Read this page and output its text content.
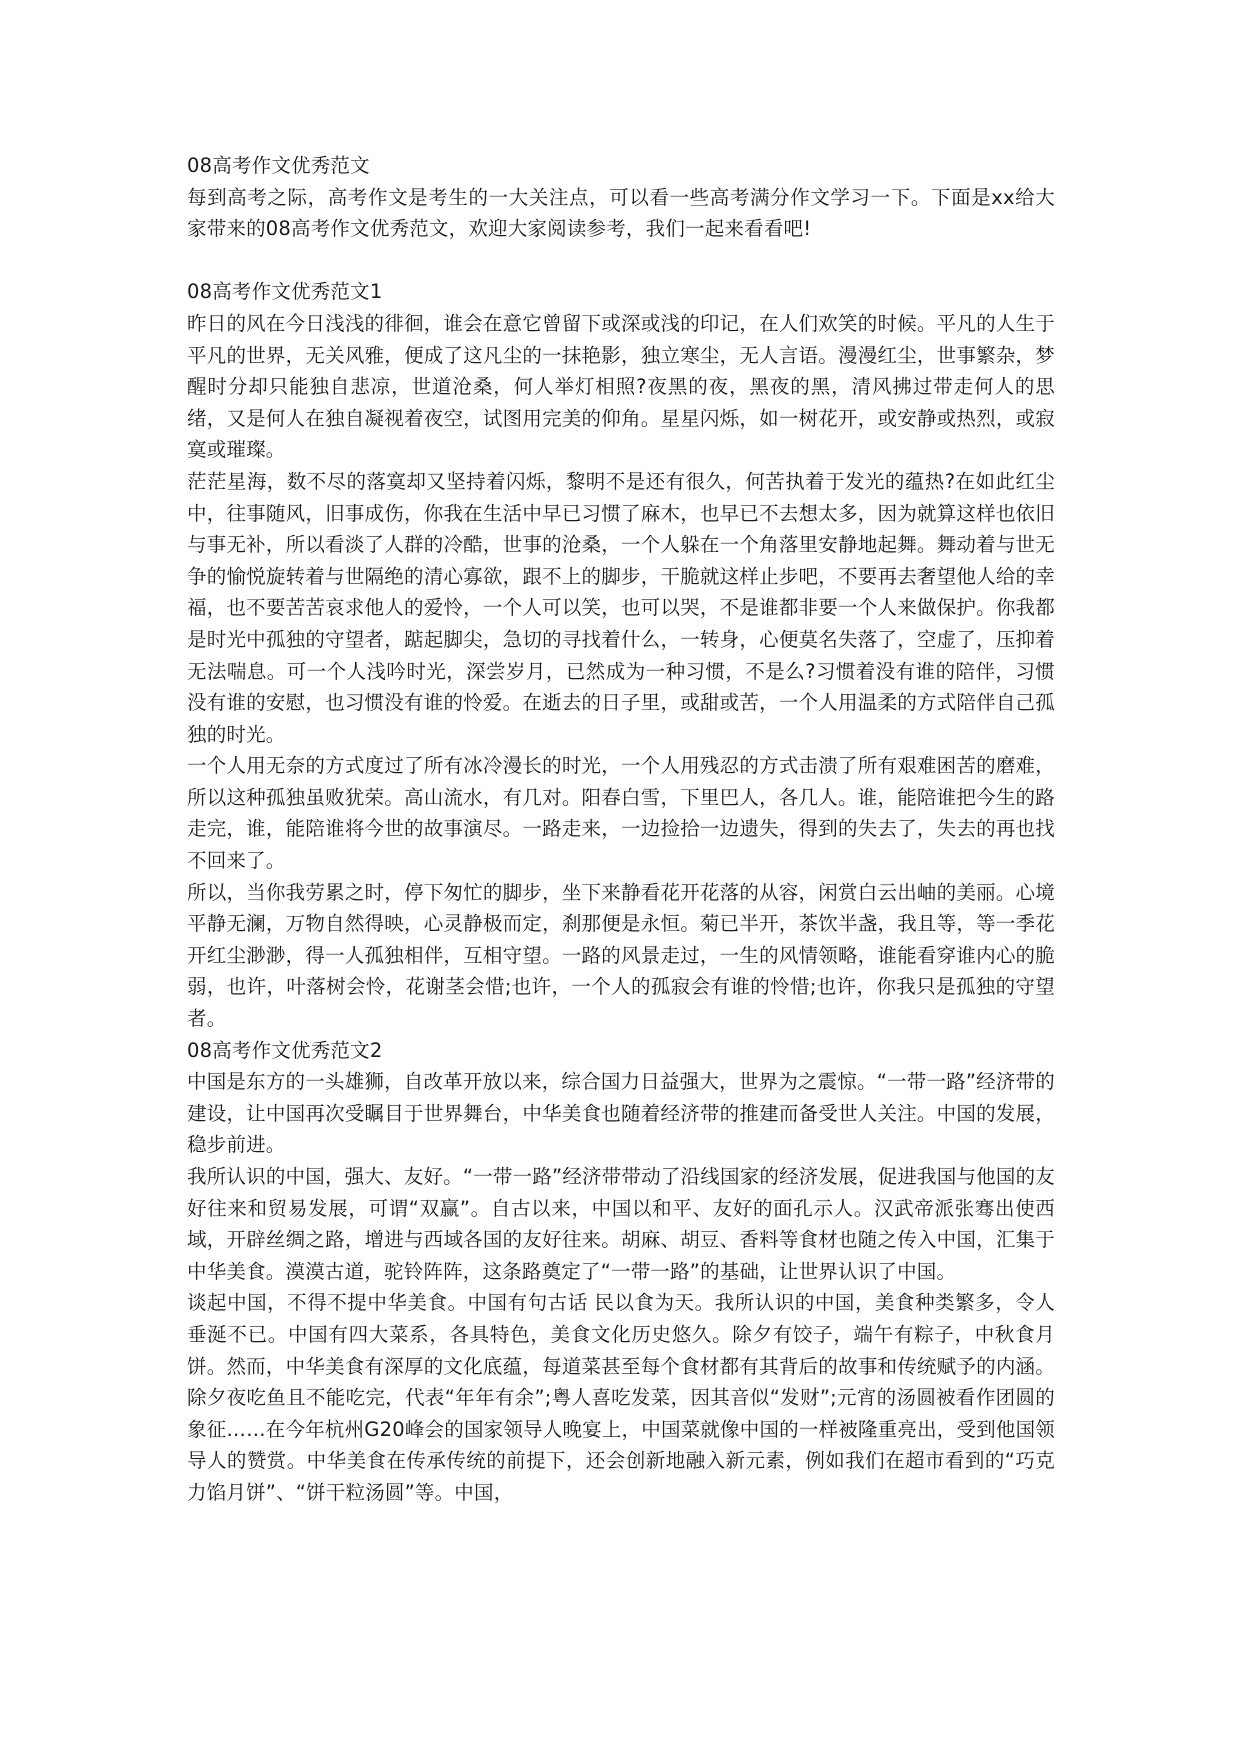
08高考作文优秀范文

每到高考之际，高考作文是考生的一大关注点，可以看一些高考满分作文学习一下。下面是xx给大家带来的08高考作文优秀范文，欢迎大家阅读参考，我们一起来看看吧!

08高考作文优秀范文1

昨日的风在今日浅浅的徘徊，谁会在意它曾留下或深或浅的印记，在人们欢笑的时候。平凡的人生于平凡的世界，无关风雅，便成了这凡尘的一抹艳影，独立寒尘，无人言语。漫漫红尘，世事繁杂，梦醒时分却只能独自悲凉，世道沧桑，何人举灯相照?夜黑的夜，黑夜的黑，清风拂过带走何人的思绪，又是何人在独自凝视着夜空，试图用完美的仰角。星星闪烁，如一树花开，或安静或热烈，或寂寞或璀璨。

茫茫星海，数不尽的落寞却又坚持着闪烁，黎明不是还有很久，何苦执着于发光的蕴热?在如此红尘中，往事随风，旧事成伤，你我在生活中早已习惯了麻木，也早已不去想太多，因为就算这样也依旧与事无补，所以看淡了人群的冷酷，世事的沧桑，一个人躲在一个角落里安静地起舞。舞动着与世无争的愉悦旋转着与世隔绝的清心寡欲，跟不上的脚步，干脆就这样止步吧，不要再去奢望他人给的幸福，也不要苦苦哀求他人的爱怜，一个人可以笑，也可以哭，不是谁都非要一个人来做保护。你我都是时光中孤独的守望者，踮起脚尖，急切的寻找着什么，一转身，心便莫名失落了，空虚了，压抑着无法喘息。可一个人浅吟时光，深尝岁月，已然成为一种习惯，不是么?习惯着没有谁的陪伴，习惯没有谁的安慰，也习惯没有谁的怜爱。在逝去的日子里，或甜或苦，一个人用温柔的方式陪伴自己孤独的时光。

一个人用无奈的方式度过了所有冰冷漫长的时光，一个人用残忍的方式击溃了所有艰难困苦的磨难，所以这种孤独虽败犹荣。高山流水，有几对。阳春白雪，下里巴人，各几人。谁，能陪谁把今生的路走完，谁，能陪谁将今世的故事演尽。一路走来，一边捡拾一边遗失，得到的失去了，失去的再也找不回来了。

所以，当你我劳累之时，停下匆忙的脚步，坐下来静看花开花落的从容，闲赏白云出岫的美丽。心境平静无澜，万物自然得映，心灵静极而定，刹那便是永恒。菊已半开，茶饮半盏，我且等，等一季花开红尘渺渺，得一人孤独相伴，互相守望。一路的风景走过，一生的风情领略，谁能看穿谁内心的脆弱，也许，叶落树会怜，花谢茎会惜;也许，一个人的孤寂会有谁的怜惜;也许，你我只是孤独的守望者。

08高考作文优秀范文2

中国是东方的一头雄狮，自改革开放以来，综合国力日益强大，世界为之震惊。“一带一路”经济带的建设，让中国再次受瞩目于世界舞台，中华美食也随着经济带的推建而备受世人关注。中国的发展，稳步前进。

我所认识的中国，强大、友好。“一带一路”经济带带动了沿线国家的经济发展，促进我国与他国的友好往来和贸易发展，可谓“双赢”。自古以来，中国以和平、友好的面孔示人。汉武帝派张骞出使西域，开辟丝绸之路，增进与西域各国的友好往来。胡麻、胡豆、香料等食材也随之传入中国，汇集于中华美食。漠漠古道，驼铃阵阵，这条路奠定了“一带一路”的基础，让世界认识了中国。

谈起中国，不得不提中华美食。中国有句古话 民以食为天。我所认识的中国，美食种类繁多，令人垂涎不已。中国有四大菜系，各具特色，美食文化历史悠久。除夕有饺子，端午有粽子，中秋食月饼。然而，中华美食有深厚的文化底蕴，每道菜甚至每个食材都有其背后的故事和传统赋予的内涵。除夕夜吃鱼且不能吃完，代表“年年有余”;粤人喜吃发菜，因其音似“发财”;元宵的汤圆被看作团圆的象征……在今年杭州G20峰会的国家领导人晚宴上，中国菜就像中国的一样被隆重亮出，受到他国领导人的赞赏。中华美食在传承传统的前提下，还会创新地融入新元素，例如我们在超市看到的“巧克力馅月饼”、“饼干粒汤圆”等。中国，
